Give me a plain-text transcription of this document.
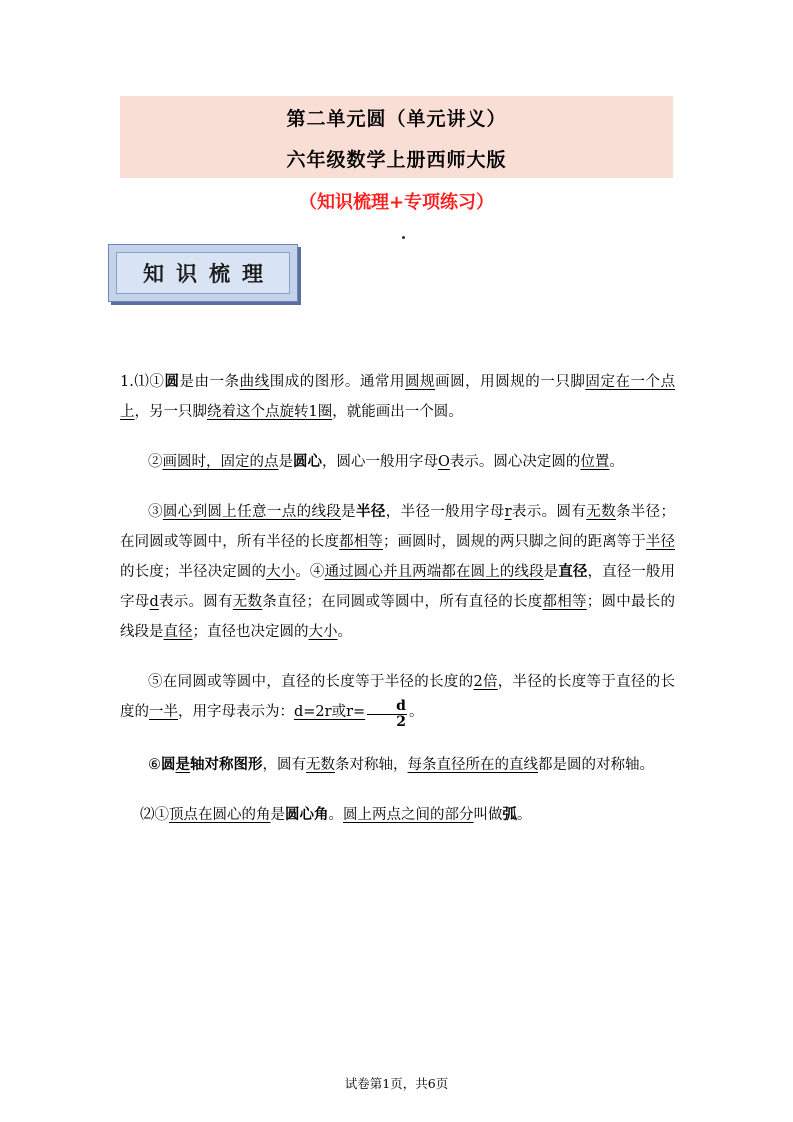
第二单元圆（单元讲义）
六年级数学上册西师大版
（知识梳理+专项练习）
知识梳理

1.⑴①圆是由一条曲线围成的图形。通常用圆规画圆，用圆规的一只脚固定在一个点上，另一只脚绕着这个点旋转1圈，就能画出一个圆。

②画圆时，固定的点是圆心，圆心一般用字母O表示。圆心决定圆的位置。

③圆心到圆上任意一点的线段是半径，半径一般用字母r表示。圆有无数条半径；在同圆或等圆中，所有半径的长度都相等；画圆时，圆规的两只脚之间的距离等于半径的长度；半径决定圆的大小。④通过圆心并且两端都在圆上的线段是直径，直径一般用字母d表示。圆有无数条直径；在同圆或等圆中，所有直径的长度都相等；圆中最长的线段是直径；直径也决定圆的大小。

⑤在同圆或等圆中，直径的长度等于半径的长度的2倍，半径的长度等于直径的长度的一半，用字母表示为：d=2r或$r= \frac{d}{2}$ 。

⑥圆是轴对称图形，圆有无数条对称轴，每条直径所在的直线都是圆的对称轴。

⑵①顶点在圆心的角是圆心角。圆上两点之间的部分叫做弧。

试卷第1页，共6页
